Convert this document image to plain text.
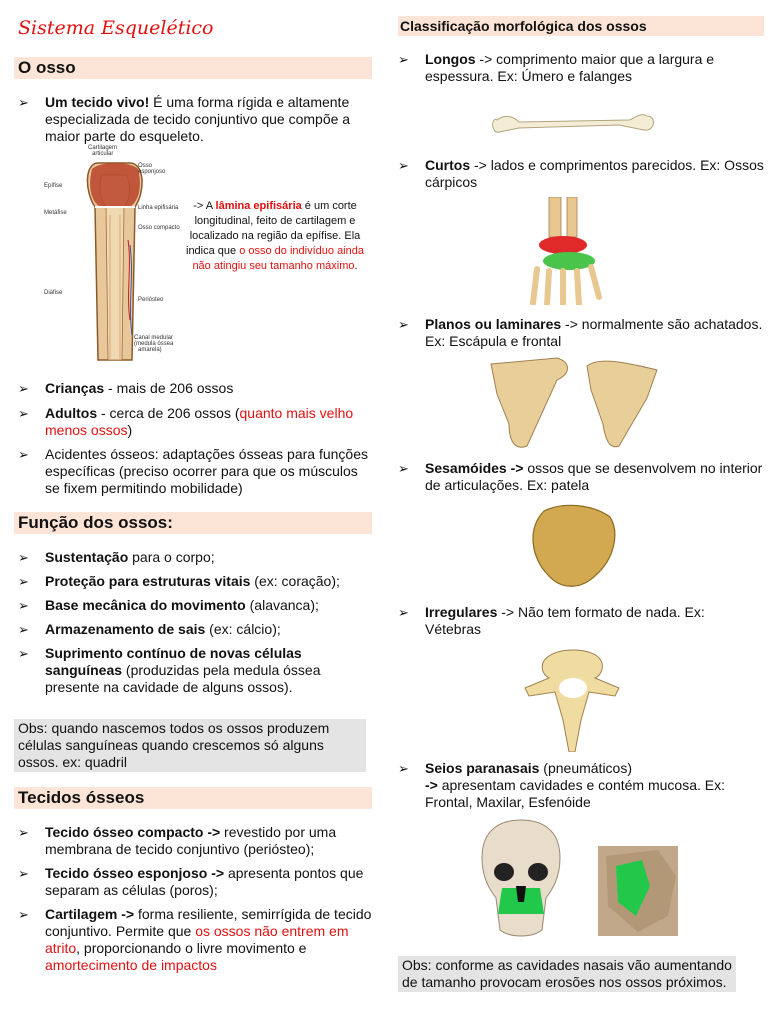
Sistema Esquelético
O osso
➢ Um tecido vivo! É uma forma rígida e altamente especializada de tecido conjuntivo que compõe a maior parte do esqueleto.
Cartilagem
articular
Osso
esponjoso
Epífise
Linha epifisária
Metáfise
Osso compacto
Diáfise
Periósteo
Canal medular
(medula óssea
amarela)
-> A lâmina epifisária é um corte longitudinal, feito de cartilagem e localizado na região da epífise. Ela indica que o osso do indivíduo ainda não atingiu seu tamanho máximo.
➢ Crianças - mais de 206 ossos
➢ Adultos - cerca de 206 ossos (quanto mais velho menos ossos)
➢ Acidentes ósseos: adaptações ósseas para funções específicas (preciso ocorrer para que os músculos se fixem permitindo mobilidade)
Função dos ossos:
➢ Sustentação para o corpo;
➢ Proteção para estruturas vitais (ex: coração);
➢ Base mecânica do movimento (alavanca);
➢ Armazenamento de sais (ex: cálcio);
➢ Suprimento contínuo de novas células sanguíneas (produzidas pela medula óssea presente na cavidade de alguns ossos).
Obs: quando nascemos todos os ossos produzem células sanguíneas quando crescemos só alguns ossos. ex: quadril
Tecidos ósseos
➢ Tecido ósseo compacto -> revestido por uma membrana de tecido conjuntivo (periósteo);
➢ Tecido ósseo esponjoso -> apresenta pontos que separam as células (poros);
➢ Cartilagem -> forma resiliente, semirrígida de tecido conjuntivo. Permite que os ossos não entrem em atrito, proporcionando o livre movimento e amortecimento de impactos
Classificação morfológica dos ossos
➢ Longos -> comprimento maior que a largura e espessura. Ex: Úmero e falanges
➢ Curtos -> lados e comprimentos parecidos. Ex: Ossos cárpicos
➢ Planos ou laminares -> normalmente são achatados. Ex: Escápula e frontal
➢ Sesamóides -> ossos que se desenvolvem no interior de articulações. Ex: patela
➢ Irregulares -> Não tem formato de nada. Ex: Vétebras
➢ Seios paranasais (pneumáticos)
-> apresentam cavidades e contém mucosa. Ex: Frontal, Maxilar, Esfenóide
Obs: conforme as cavidades nasais vão aumentando de tamanho provocam erosões nos ossos próximos.
